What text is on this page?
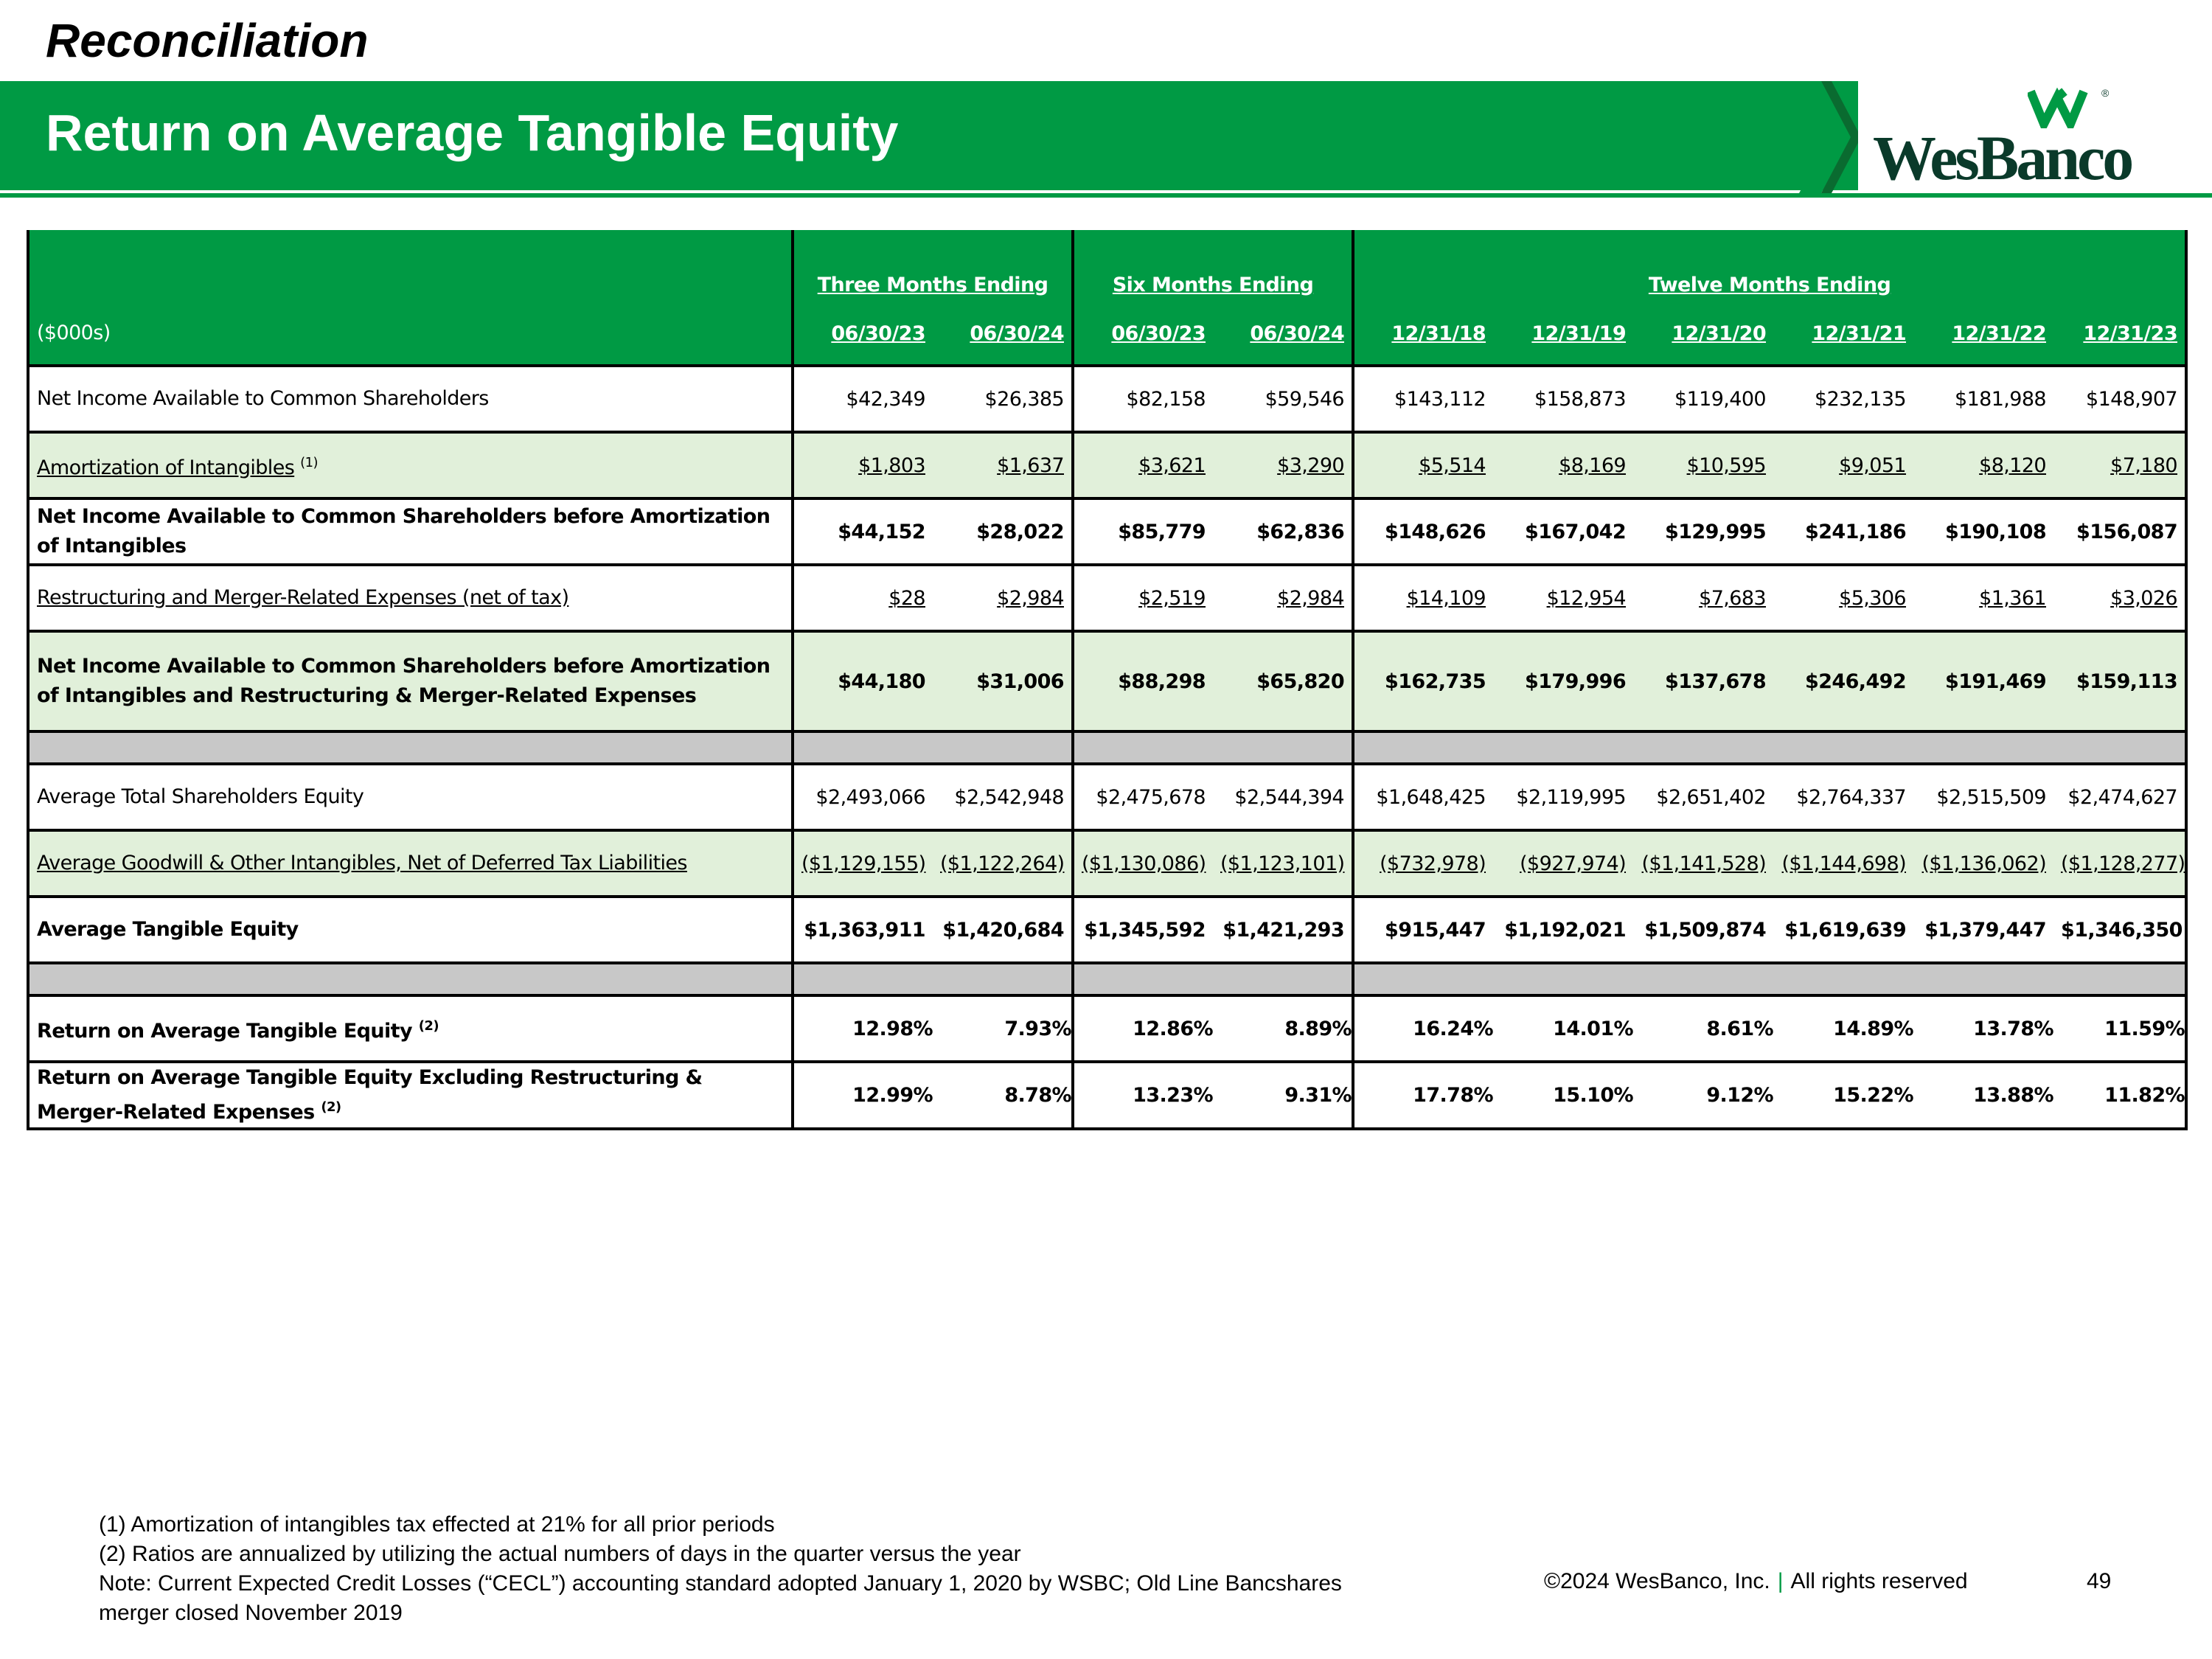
Reconciliation
Return on Average Tangible Equity
®
WesBanco
	Three Months Ending		Six Months Ending		Twelve Months Ending					
($000s)	06/30/23	06/30/24	06/30/23	06/30/24	12/31/18	12/31/19	12/31/20	12/31/21	12/31/22	12/31/23
Net Income Available to Common Shareholders	$42,349	$26,385	$82,158	$59,546	$143,112	$158,873	$119,400	$232,135	$181,988	$148,907
Amortization of Intangibles $^{(1)}$	$1,803	$1,637	$3,621	$3,290	$5,514	$8,169	$10,595	$9,051	$8,120	$7,180
Net Income Available to Common Shareholders before Amortization of Intangibles	$44,152	$28,022	$85,779	$62,836	$148,626	$167,042	$129,995	$241,186	$190,108	$156,087
Restructuring and Merger-Related Expenses (net of tax)	$28	$2,984	$2,519	$2,984	$14,109	$12,954	$7,683	$5,306	$1,361	$3,026
Net Income Available to Common Shareholders before Amortization of Intangibles and Restructuring & Merger-Related Expenses	$44,180	$31,006	$88,298	$65,820	$162,735	$179,996	$137,678	$246,492	$191,469	$159,113

Average Total Shareholders Equity	$2,493,066	$2,542,948	$2,475,678	$2,544,394	$1,648,425	$2,119,995	$2,651,402	$2,764,337	$2,515,509	$2,474,627
Average Goodwill & Other Intangibles, Net of Deferred Tax Liabilities	($1,129,155)	($1,122,264)	($1,130,086)	($1,123,101)	($732,978)	($927,974)	($1,141,528)	($1,144,698)	($1,136,062)	($1,128,277)
Average Tangible Equity	$1,363,911	$1,420,684	$1,345,592	$1,421,293	$915,447	$1,192,021	$1,509,874	$1,619,639	$1,379,447	$1,346,350

Return on Average Tangible Equity $^{(2)}$	12.98%	7.93%	12.86%	8.89%	16.24%	14.01%	8.61%	14.89%	13.78%	11.59%
Return on Average Tangible Equity Excluding Restructuring & Merger-Related Expenses $^{(2)}$	12.99%	8.78%	13.23%	9.31%	17.78%	15.10%	9.12%	15.22%	13.88%	11.82%
(1) Amortization of intangibles tax effected at 21% for all prior periods
(2) Ratios are annualized by utilizing the actual numbers of days in the quarter versus the year
Note: Current Expected Credit Losses (“CECL”) accounting standard adopted January 1, 2020 by WSBC; Old Line Bancshares
merger closed November 2019
©2024 WesBanco, Inc. | All rights reserved	49
